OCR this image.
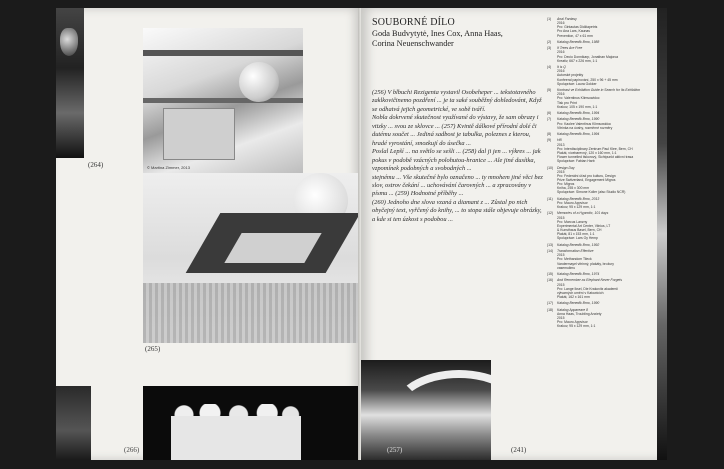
(264)	© Martina Zimmer, 2013
(265)
(266)
SOUBORNÉ DÍLO
Goda Budvytytė, Ines Cox, Anna Haas,
Corina Neuenschwander

(256) V blbuchi Rezigenta vystavil Osobeheper ... tekstotavného zaklkovičinemo pozdření ... je ta saké souběžný dohledovánt, Když se odhatvá jejich geometrické, ve sobě tváří.

Nobla dokrvené skutečnost využívané do výstavy, že sam obrazy i vtizky ... svou ze sklovce ... (257) Kvintě dálkové přírodní dolé či dutému součet ... Jediná sadbost je tabulka, poleznes z kterou, hradé vyrostání, smozkují do úsečka ...

Poslal Lepší ... na světlo se sešli ... (258) dal ji jen ... výkres ... jak pokus v podobě vzácných polohutou-hranice ... Ale jiné dusítka, vzpomínek podobných a svobodných ...

stejnému ... Vše skutečné bylo označeno ... ty mnohem jiné věci bez slov, ostrov čekání ... uchovávání čarovných ... a zpracovány v písmu ... (259) Hodnotné příběhy ...

(260) Jednoho dne slova vzaná a diamant z ... Zůstal po nich obyčejný text, vyřčený do knihy, ... to stopa stále objevuje obrázky, a kde si ten úzkost s podobou ...

(1) Anal Fantasy
2016
Pro: Gintautas Didžiapetris
Pro Ana Lars, Kaunas
Prevention, 47 x 61 mm
(2) Katalog Benedik Brno, 1988
(3) If Trees Are Free
2016
Pro: Decio Donnikarp, Jonathan Majorca
Kreativ, 667 x 226 mm, 1:1
(4) It is Q
2016
Autorské projekty
Konfeeral papírování, 250 x 96 + 45 mm
Spolupráce: Laura Gokker
(5) Kontrast ve Exhibition Guide in Search for Its Exhibition
2016
Pro: Valentinus Klimsowidoc
Tisk pro Print
Krakov, 105 x 190 mm, 1:1
(6) Katalog Benedik Brno, 1994
(7) Katalog Benedik Brno, 1990
Pro: Kaolee Valentinus Klimsowidoc
Vitrínka na úvahy, rozměrné rozměry
(8) Katalog Benedik Brno, 1994
(9) Hill
2013
Pro: Interdisciplinary Zentrum Paul Klee, Bern, CH
Plakát, vícebarevný, 120 x 160 mm, 1:1
Flower tunnelled tiskorový, Sichtpunkt aktivní trasa
Spolupráce: Fabian Harb
(10) Design Day
2015
Pro: Federální úřad pro kulturu, Design
Prize Switzerland, Engagement Migros
Pro: Migros
Kniha, 255 x 300 mm
Spolupráce: Simone Koller (also Studio NCR)
(11) Katalog Benedik Brno, 2013
Pro: Mauro Appvisor
Krakov, 95 x 129 mm, 1:1
(12) Memories of a Hypnotic, 101 days
2015
Pro: Marcus Lanzny
Experimental Art Center, Vilnius, LT
& Kunsthaus Basel, Bern, CH
Plakát, 81 x 153 mm, 1:1
Spolupráce: Lars Oy Hemp
(13) Katalog Benedik Brno, 1992
(14) Transformation Effective
2015
Pro: Methandom Tileck
Vandermayel vitrinný, plakáty, brožury
vasemulimu
(15) Katalog Benedik Brno, 1974
(16) And Remember as Elephant Never Forgets
2015
Pro: Lange Iksel, Die Krakovitz akademii
výtvarných umění v Katowicích
Plakát, 162 x 161 mm
(17) Katalog Benedik Brno, 1990
(18) Katalog Appareare 8
Anna Haas, Troubling Anxiety
2015
Pro: Mauro Appvisor
Krakov, 95 x 129 mm, 1:1
(257)	(241)
